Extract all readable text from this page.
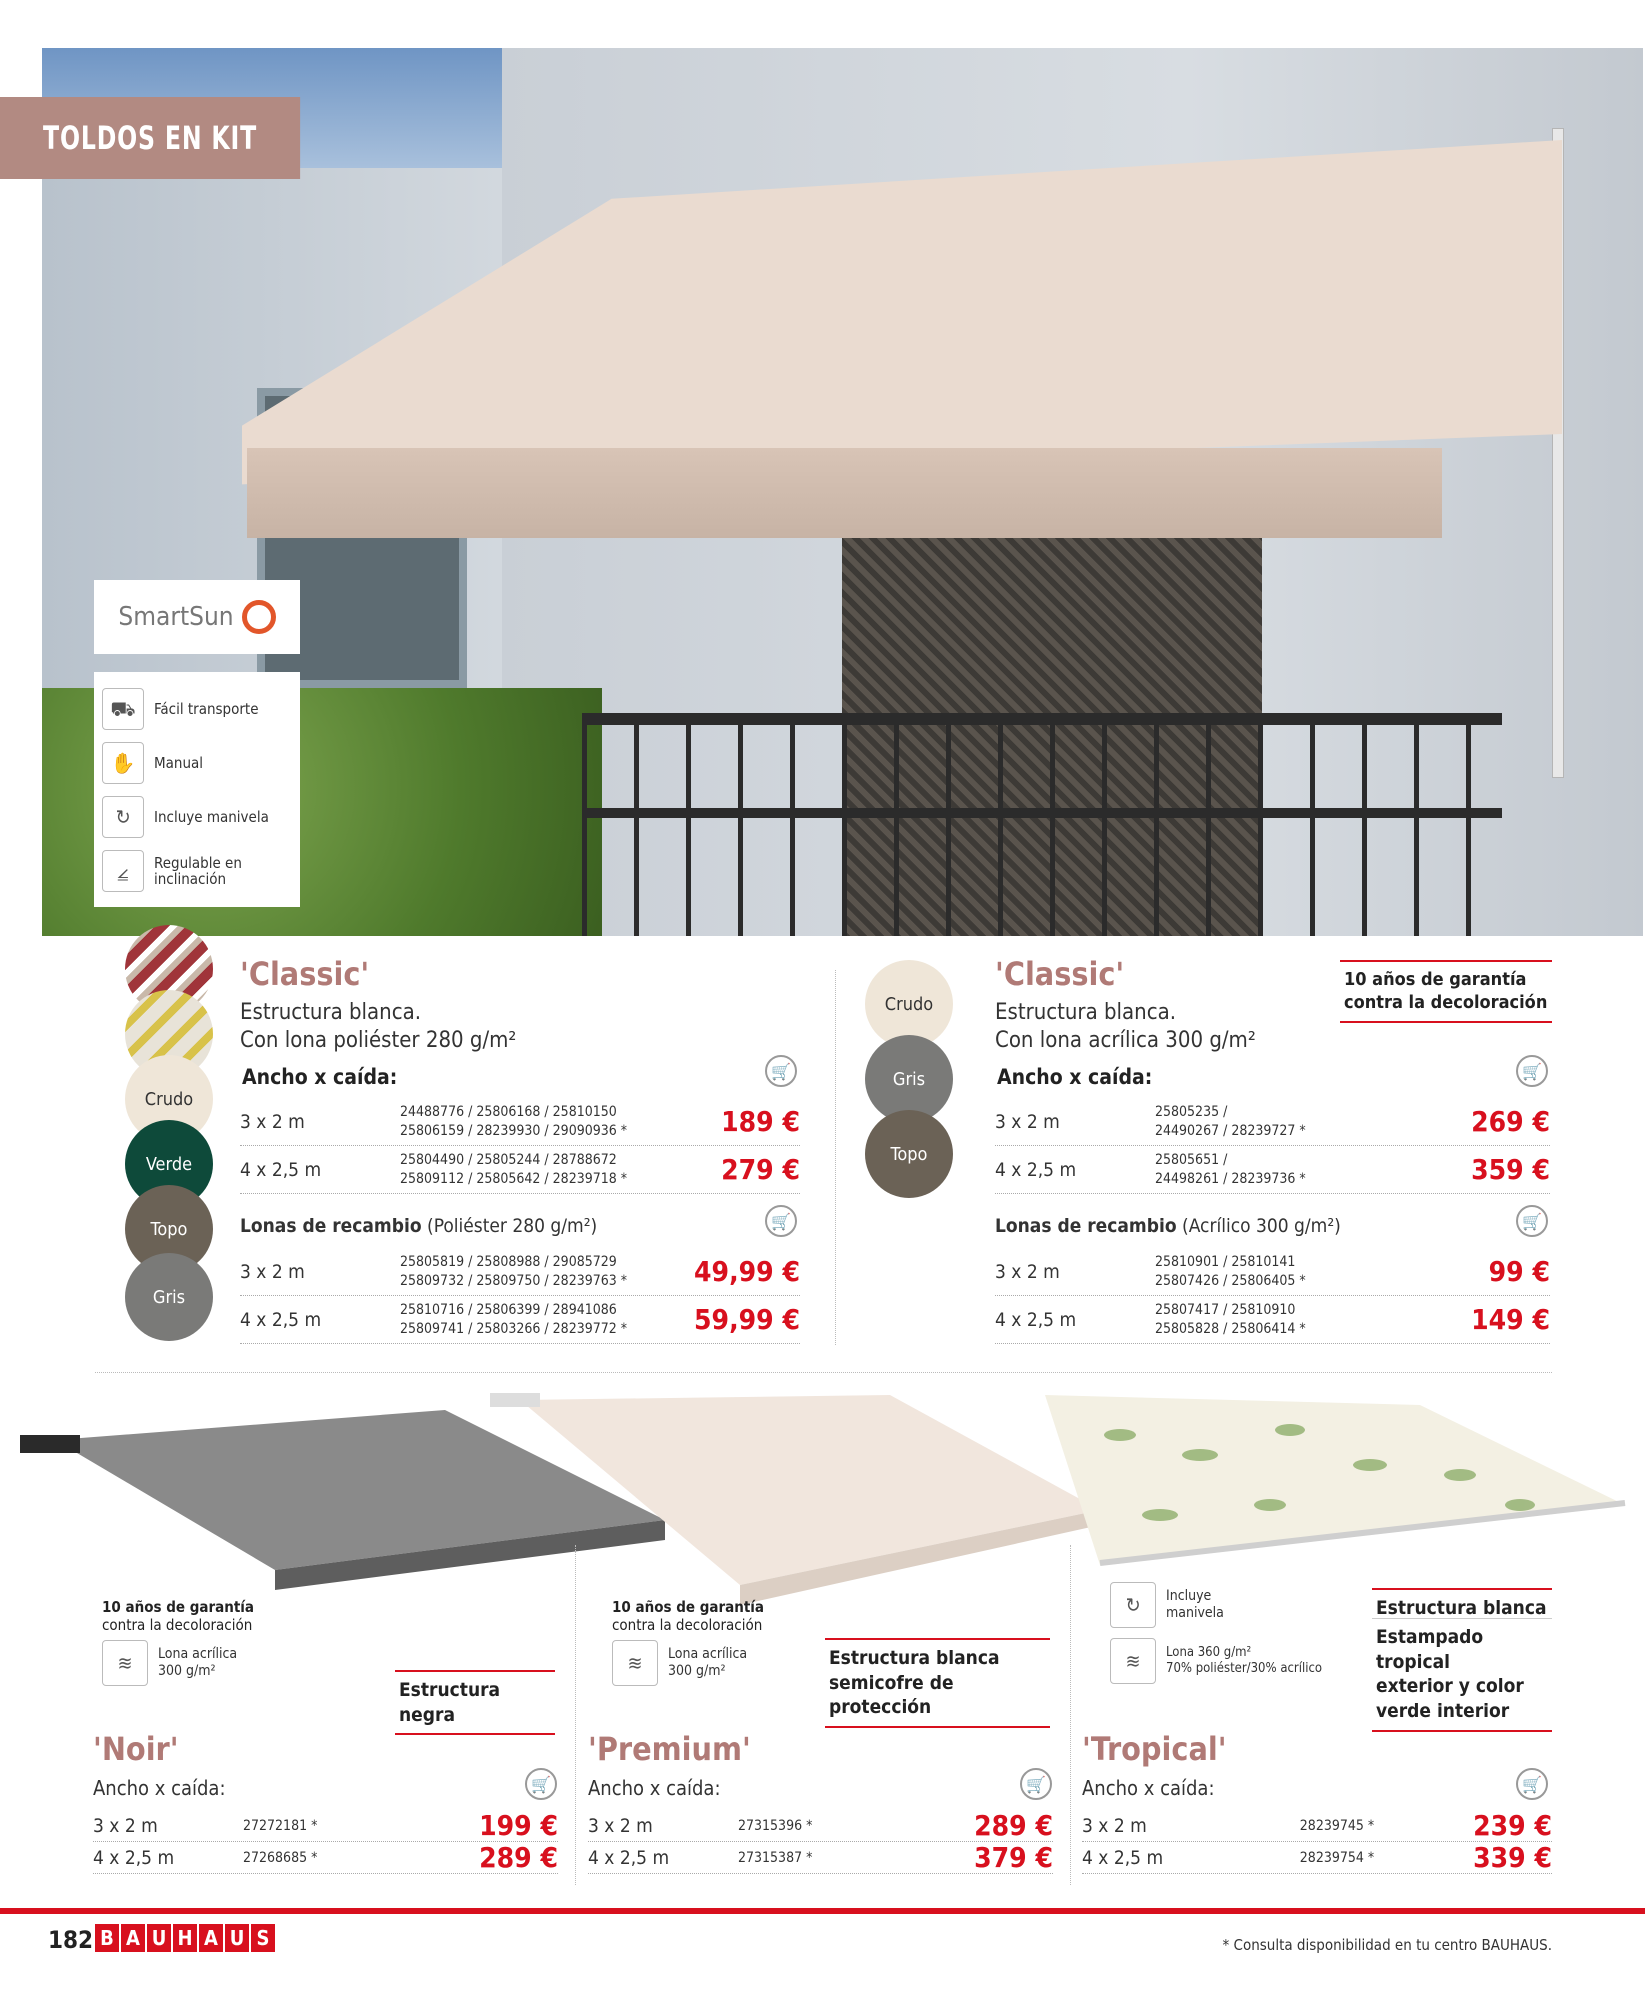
TOLDOS EN KIT
SmartSun
⛟	Fácil transporte
✋	Manual
↻	Incluye manivela
⦤	Regulable en inclinación
Crudo
Verde
Topo
Gris
'Classic'
Estructura blanca.
Con lona poliéster 280 g/m²
Ancho x caída:	🛒
3 x 2 m	24488776 / 25806168 / 25810150
25806159 / 28239930 / 29090936 *	189 €
4 x 2,5 m	25804490 / 25805244 / 28788672
25809112 / 25805642 / 28239718 *	279 €
Lonas de recambio (Poliéster 280 g/m²)	🛒
3 x 2 m	25805819 / 25808988 / 29085729
25809732 / 25809750 / 28239763 *	49,99 €
4 x 2,5 m	25810716 / 25806399 / 28941086
25809741 / 25803266 / 28239772 *	59,99 €
Crudo
Gris
Topo
'Classic'
Estructura blanca.
Con lona acrílica 300 g/m²
10 años de garantía
contra la decoloración
Ancho x caída:	🛒
3 x 2 m	25805235 /
24490267 / 28239727 *	269 €
4 x 2,5 m	25805651 /
24498261 / 28239736 *	359 €
Lonas de recambio (Acrílico 300 g/m²)	🛒
3 x 2 m	25810901 / 25810141
25807426 / 25806405 *	99 €
4 x 2,5 m	25807417 / 25810910
25805828 / 25806414 *	149 €
10 años de garantía
contra la decoloración
≋	Lona acrílica
300 g/m²
Estructura negra
'Noir'
Ancho x caída:	🛒
3 x 2 m	27272181 *	199 €
4 x 2,5 m	27268685 *	289 €
10 años de garantía
contra la decoloración
≋	Lona acrílica
300 g/m²
Estructura blanca
semicofre de protección
'Premium'
Ancho x caída:	🛒
3 x 2 m	27315396 *	289 €
4 x 2,5 m	27315387 *	379 €
↻	Incluye
manivela
≋	Lona 360 g/m²
70% poliéster/30% acrílico
Estructura blanca
Estampado tropical
exterior y color
verde interior
'Tropical'
Ancho x caída:	🛒
3 x 2 m	28239745 *	239 €
4 x 2,5 m	28239754 *	339 €
182 B A U H A U S	* Consulta disponibilidad en tu centro BAUHAUS.
